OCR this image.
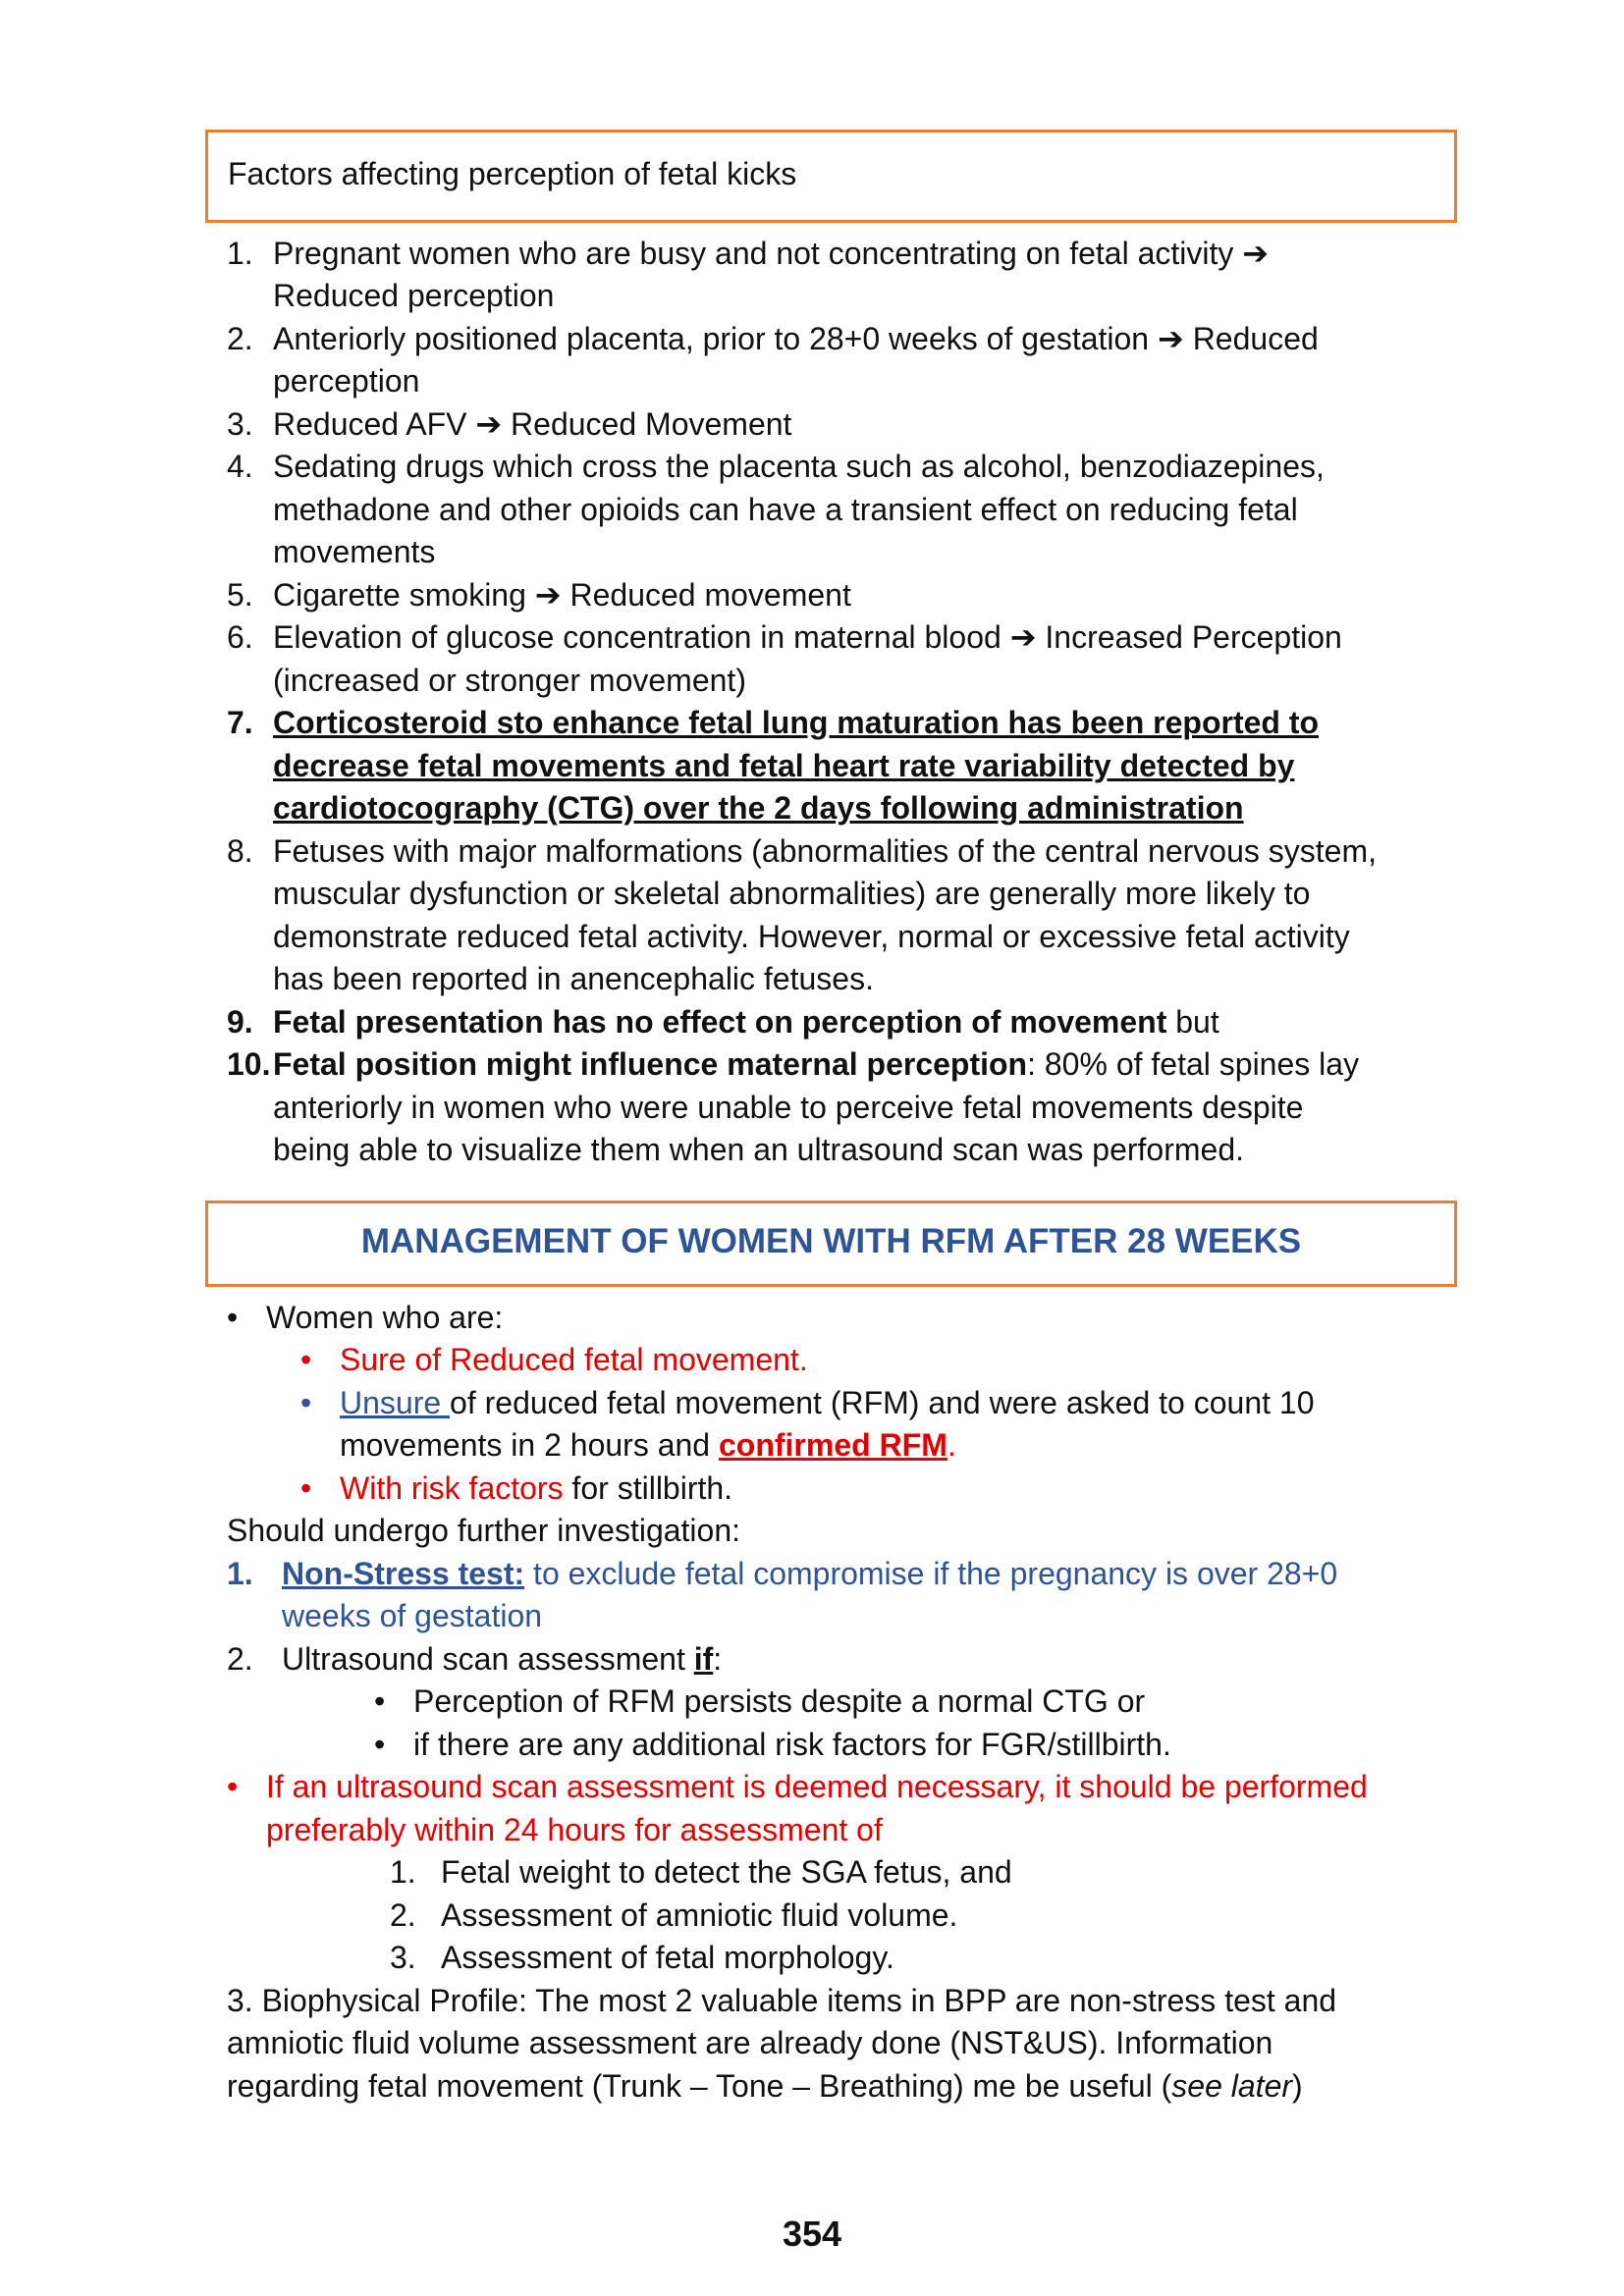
Factors affecting perception of fetal kicks
1. Pregnant women who are busy and not concentrating on fetal activity ➔
Reduced perception
2. Anteriorly positioned placenta, prior to 28+0 weeks of gestation ➔ Reduced
perception
3. Reduced AFV ➔ Reduced Movement
4. Sedating drugs which cross the placenta such as alcohol, benzodiazepines,
methadone and other opioids can have a transient effect on reducing fetal
movements
5. Cigarette smoking ➔ Reduced movement
6. Elevation of glucose concentration in maternal blood ➔ Increased Perception
(increased or stronger movement)
7. Corticosteroid sto enhance fetal lung maturation has been reported to
decrease fetal movements and fetal heart rate variability detected by
cardiotocography (CTG) over the 2 days following administration
8. Fetuses with major malformations (abnormalities of the central nervous system,
muscular dysfunction or skeletal abnormalities) are generally more likely to
demonstrate reduced fetal activity. However, normal or excessive fetal activity
has been reported in anencephalic fetuses.
9. Fetal presentation has no effect on perception of movement but
10. Fetal position might influence maternal perception: 80% of fetal spines lay
anteriorly in women who were unable to perceive fetal movements despite
being able to visualize them when an ultrasound scan was performed.
MANAGEMENT OF WOMEN WITH RFM AFTER 28 WEEKS
• Women who are:
• Sure of Reduced fetal movement.
• Unsure of reduced fetal movement (RFM) and were asked to count 10
movements in 2 hours and confirmed RFM.
• With risk factors for stillbirth.
Should undergo further investigation:
1. Non-Stress test: to exclude fetal compromise if the pregnancy is over 28+0
weeks of gestation
2. Ultrasound scan assessment if:
• Perception of RFM persists despite a normal CTG or
• if there are any additional risk factors for FGR/stillbirth.
• If an ultrasound scan assessment is deemed necessary, it should be performed
preferably within 24 hours for assessment of
1. Fetal weight to detect the SGA fetus, and
2. Assessment of amniotic fluid volume.
3. Assessment of fetal morphology.
3. Biophysical Profile: The most 2 valuable items in BPP are non-stress test and
amniotic fluid volume assessment are already done (NST&US). Information
regarding fetal movement (Trunk – Tone – Breathing) me be useful (see later)
354
